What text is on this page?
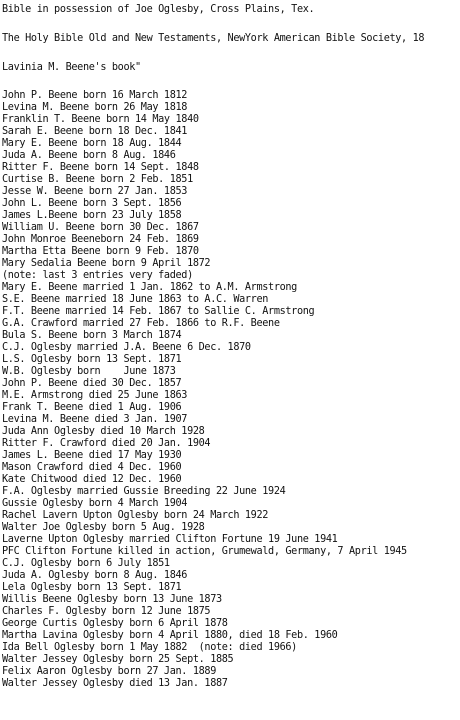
Bible in possession of Joe Oglesby, Cross Plains, Tex.
The Holy Bible Old and New Testaments, NewYork American Bible Society, 18
Lavinia M. Beene's book"
John P. Beene born 16 March 1812
Levina M. Beene born 26 May 1818
Franklin T. Beene born 14 May 1840
Sarah E. Beene born 18 Dec. 1841
Mary E. Beene born 18 Aug. 1844
Juda A. Beene born 8 Aug. 1846
Ritter F. Beene born 14 Sept. 1848
Curtise B. Beene born 2 Feb. 1851
Jesse W. Beene born 27 Jan. 1853
John L. Beene born 3 Sept. 1856
James L.Beene born 23 July 1858
William U. Beene born 30 Dec. 1867
John Monroe Beeneborn 24 Feb. 1869
Martha Etta Beene born 9 Feb. 1870
Mary Sedalia Beene born 9 April 1872
(note: last 3 entries very faded)
Mary E. Beene married 1 Jan. 1862 to A.M. Armstrong
S.E. Beene married 18 June 1863 to A.C. Warren
F.T. Beene married 14 Feb. 1867 to Sallie C. Armstrong
G.A. Crawford married 27 Feb. 1866 to R.F. Beene
Bula S. Beene born 3 March 1874
C.J. Oglesby married J.A. Beene 6 Dec. 1870
L.S. Oglesby born 13 Sept. 1871
W.B. Oglesby born    June 1873
John P. Beene died 30 Dec. 1857
M.E. Armstrong died 25 June 1863
Frank T. Beene died 1 Aug. 1906
Levina M. Beene died 3 Jan. 1907
Juda Ann Oglesby died 10 March 1928
Ritter F. Crawford died 20 Jan. 1904
James L. Beene died 17 May 1930
Mason Crawford died 4 Dec. 1960
Kate Chitwood died 12 Dec. 1960
F.A. Oglesby married Gussie Breeding 22 June 1924
Gussie Oglesby born 4 March 1904
Rachel Lavern Upton Oglesby born 24 March 1922
Walter Joe Oglesby born 5 Aug. 1928
Laverne Upton Oglesby married Clifton Fortune 19 June 1941
PFC Clifton Fortune killed in action, Grumewald, Germany, 7 April 1945
C.J. Oglesby born 6 July 1851
Juda A. Oglesby born 8 Aug. 1846
Lela Oglesby born 13 Sept. 1871
Willis Beene Oglesby born 13 June 1873
Charles F. Oglesby born 12 June 1875
George Curtis Oglesby born 6 April 1878
Martha Lavina Oglesby born 4 April 1880, died 18 Feb. 1960
Ida Bell Oglesby born 1 May 1882  (note: died 1966)
Walter Jessey Oglesby born 25 Sept. 1885
Felix Aaron Oglesby born 27 Jan. 1889
Walter Jessey Oglesby died 13 Jan. 1887
